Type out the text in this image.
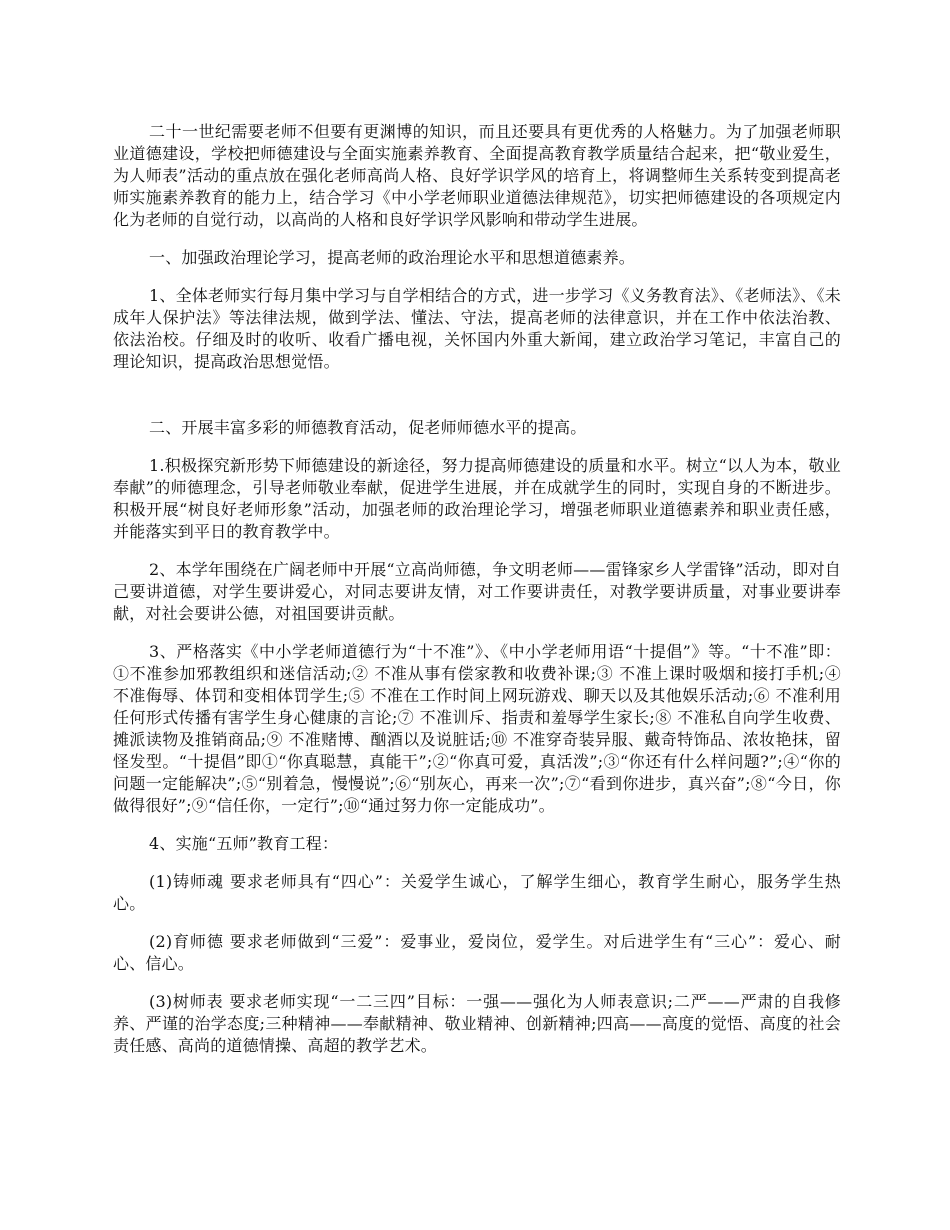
二十一世纪需要老师不但要有更渊博的知识，而且还要具有更优秀的人格魅力。为了加强老师职业道德建设，学校把师德建设与全面实施素养教育、全面提高教育教学质量结合起来，把“敬业爱生，为人师表”活动的重点放在强化老师高尚人格、良好学识学风的培育上，将调整师生关系转变到提高老师实施素养教育的能力上，结合学习《中小学老师职业道德法律规范》，切实把师德建设的各项规定内化为老师的自觉行动，以高尚的人格和良好学识学风影响和带动学生进展。

一、加强政治理论学习，提高老师的政治理论水平和思想道德素养。

1、全体老师实行每月集中学习与自学相结合的方式，进一步学习《义务教育法》、《老师法》、《未成年人保护法》等法律法规，做到学法、懂法、守法，提高老师的法律意识，并在工作中依法治教、依法治校。仔细及时的收听、收看广播电视，关怀国内外重大新闻，建立政治学习笔记，丰富自己的理论知识，提高政治思想觉悟。

二、开展丰富多彩的师德教育活动，促老师师德水平的提高。

1.积极探究新形势下师德建设的新途径，努力提高师德建设的质量和水平。树立“以人为本，敬业奉献”的师德理念，引导老师敬业奉献，促进学生进展，并在成就学生的同时，实现自身的不断进步。积极开展“树良好老师形象”活动，加强老师的政治理论学习，增强老师职业道德素养和职业责任感，并能落实到平日的教育教学中。

2、本学年围绕在广阔老师中开展“立高尚师德，争文明老师——雷锋家乡人学雷锋”活动，即对自己要讲道德，对学生要讲爱心，对同志要讲友情，对工作要讲责任，对教学要讲质量，对事业要讲奉献，对社会要讲公德，对祖国要讲贡献。

3、严格落实《中小学老师道德行为“十不准”》、《中小学老师用语“十提倡”》等。“十不准”即：①不准参加邪教组织和迷信活动;② 不准从事有偿家教和收费补课;③ 不准上课时吸烟和接打手机;④ 不准侮辱、体罚和变相体罚学生;⑤ 不准在工作时间上网玩游戏、聊天以及其他娱乐活动;⑥ 不准利用任何形式传播有害学生身心健康的言论;⑦ 不准训斥、指责和羞辱学生家长;⑧ 不准私自向学生收费、摊派读物及推销商品;⑨ 不准赌博、酗酒以及说脏话;⑩ 不准穿奇装异服、戴奇特饰品、浓妆艳抹，留怪发型。“十提倡”即①“你真聪慧，真能干”;②“你真可爱，真活泼”;③“你还有什么样问题?”;④“你的问题一定能解决”;⑤“别着急，慢慢说”;⑥“别灰心，再来一次”;⑦“看到你进步，真兴奋”;⑧“今日，你做得很好”;⑨“信任你，一定行”;⑩“通过努力你一定能成功”。

4、实施“五师”教育工程：

(1)铸师魂 要求老师具有“四心”：关爱学生诚心，了解学生细心，教育学生耐心，服务学生热心。

(2)育师德 要求老师做到“三爱”：爱事业，爱岗位，爱学生。对后进学生有“三心”：爱心、耐心、信心。

(3)树师表 要求老师实现“一二三四”目标：一强——强化为人师表意识;二严——严肃的自我修养、严谨的治学态度;三种精神——奉献精神、敬业精神、创新精神;四高——高度的觉悟、高度的社会责任感、高尚的道德情操、高超的教学艺术。
